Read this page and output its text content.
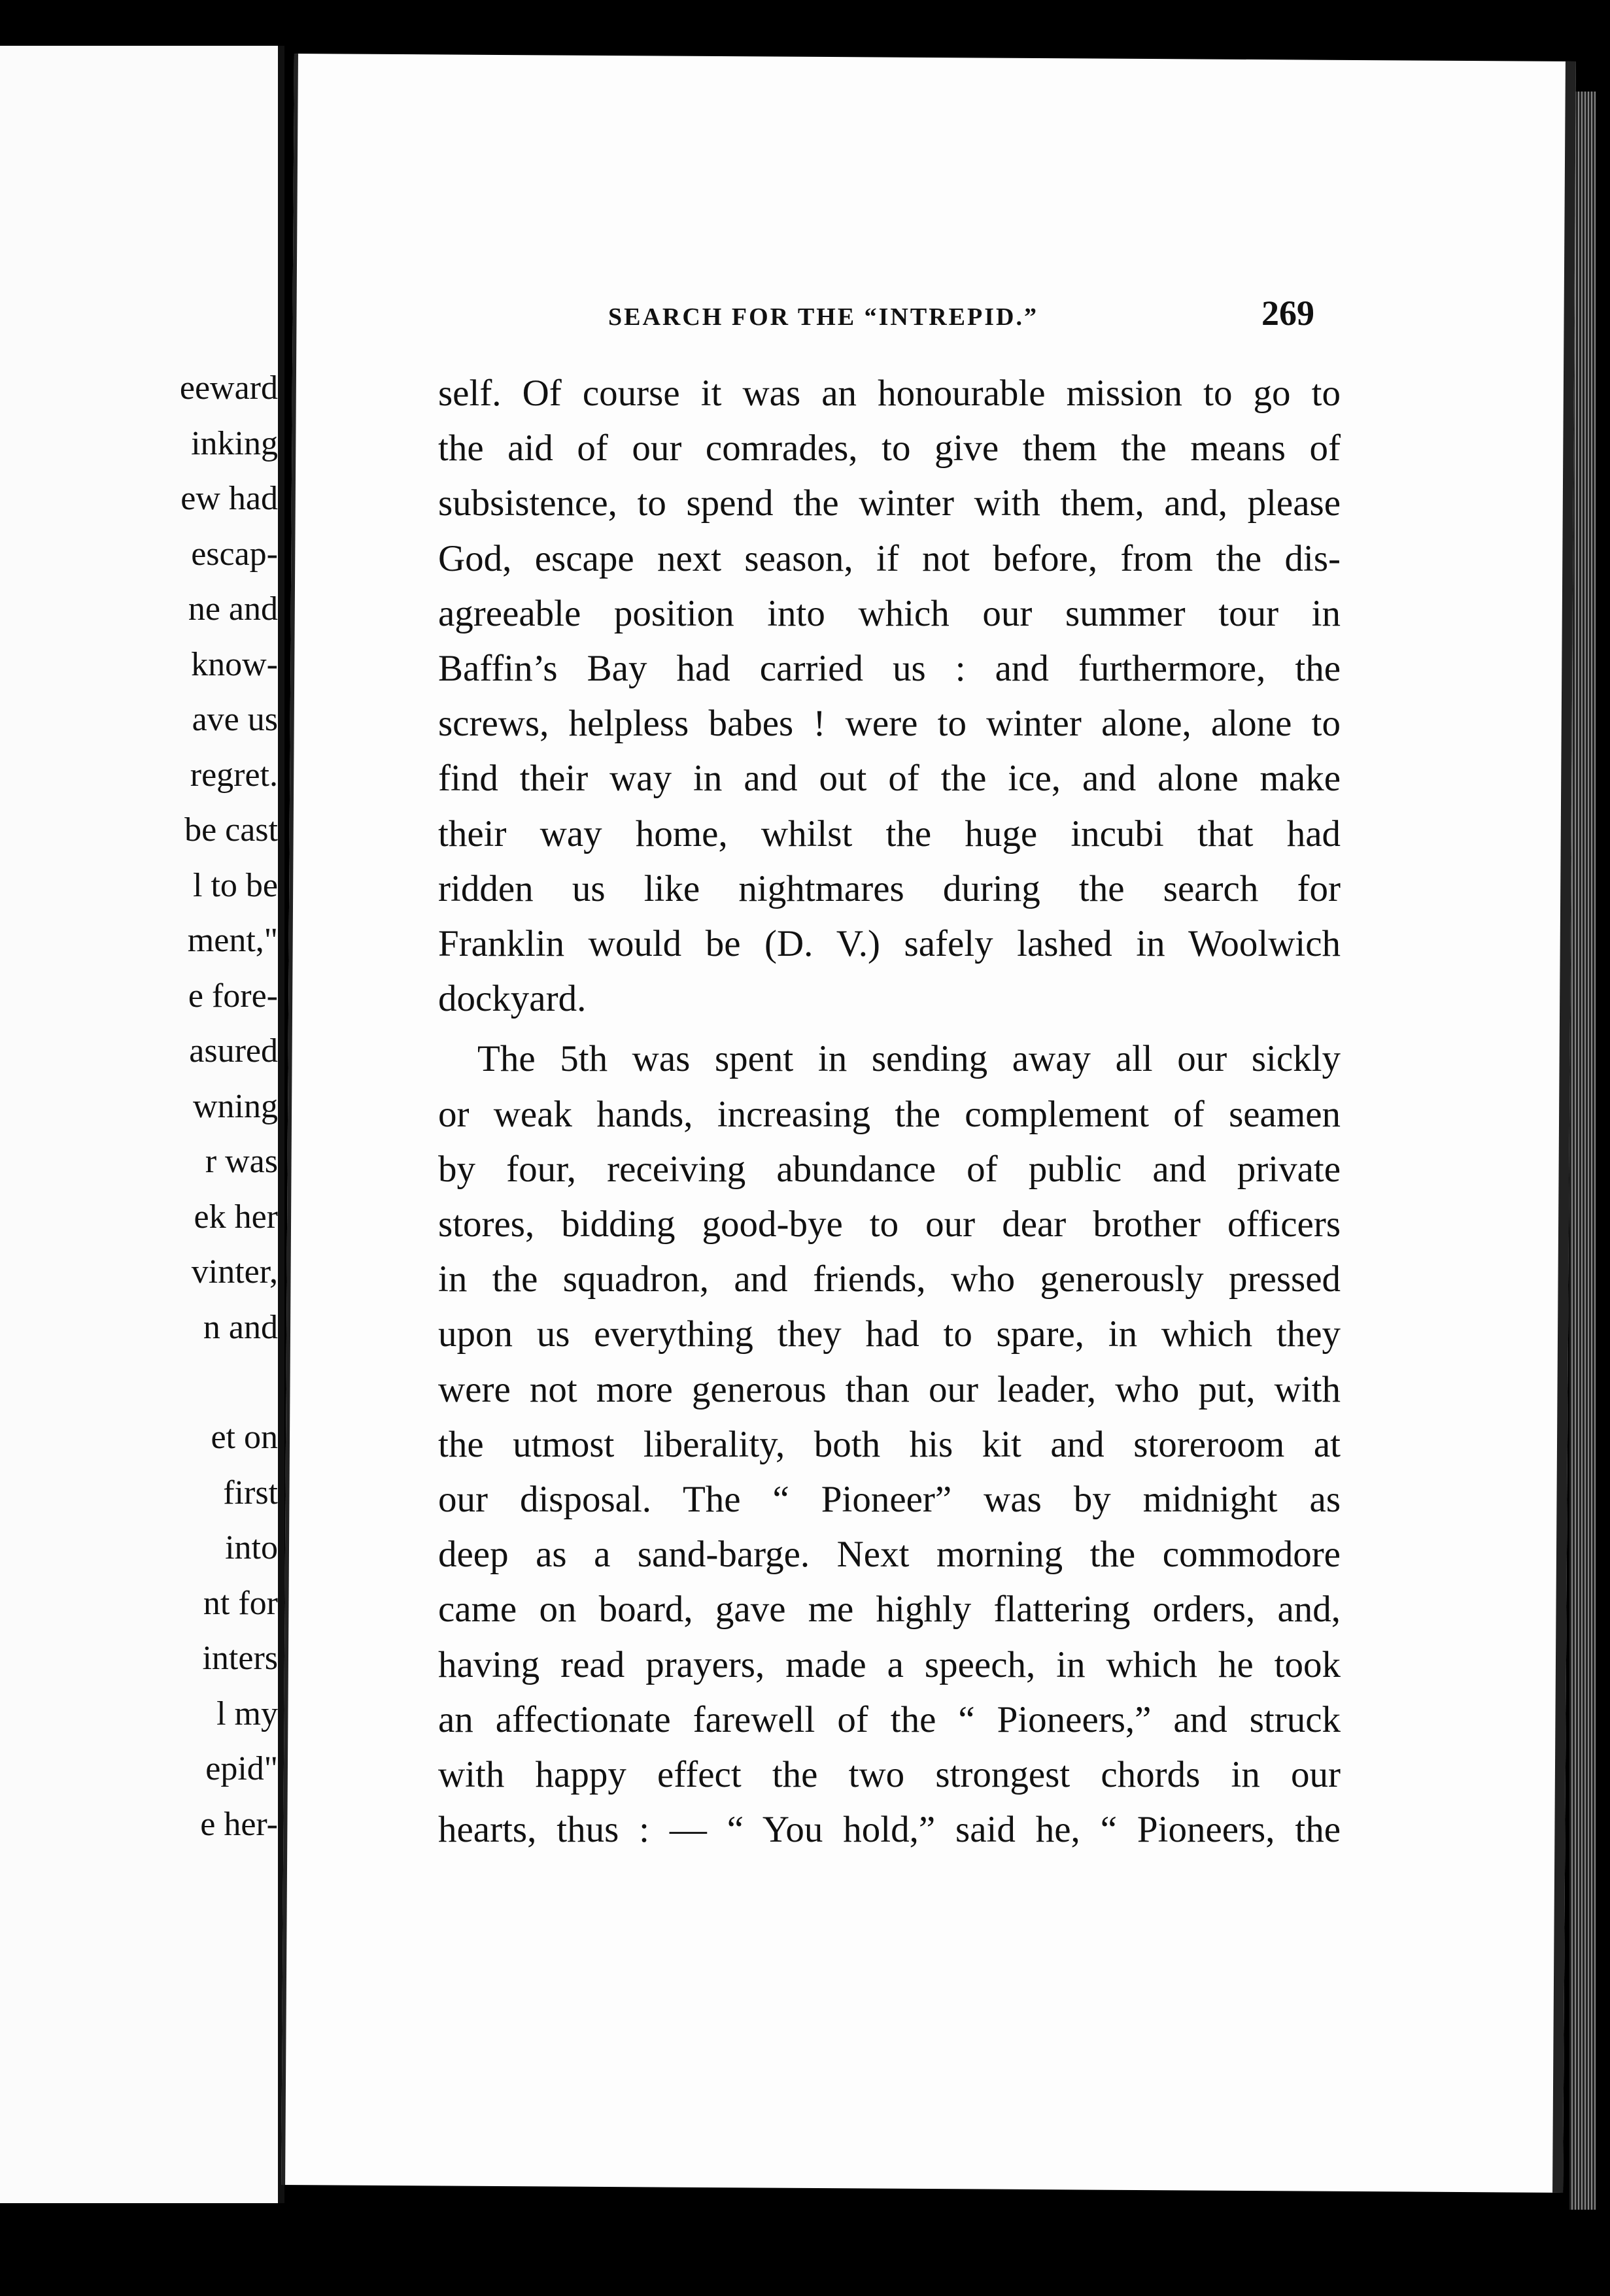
eeward
inking
ew had
escap-
ne and
know-
ave us
regret.
be cast
l to be
ment,"
e fore-
asured
wning
r was
ek her
vinter,
n and
et on
first
into
nt for
inters
l my
epid"
e her-
SEARCH FOR THE “INTREPID.”	269
self. Of course it was an honourable mission to go to
the aid of our comrades, to give them the means of
subsistence, to spend the winter with them, and, please
God, escape next season, if not before, from the dis-
agreeable position into which our summer tour in
Baffin’s Bay had carried us : and furthermore, the
screws, helpless babes ! were to winter alone, alone to
find their way in and out of the ice, and alone make
their way home, whilst the huge incubi that had
ridden us like nightmares during the search for
Franklin would be (D. V.) safely lashed in Woolwich
dockyard.
The 5th was spent in sending away all our sickly
or weak hands, increasing the complement of seamen
by four, receiving abundance of public and private
stores, bidding good-bye to our dear brother officers
in the squadron, and friends, who generously pressed
upon us everything they had to spare, in which they
were not more generous than our leader, who put, with
the utmost liberality, both his kit and storeroom at
our disposal. The “ Pioneer” was by midnight as
deep as a sand-barge. Next morning the commodore
came on board, gave me highly flattering orders, and,
having read prayers, made a speech, in which he took
an affectionate farewell of the “ Pioneers,” and struck
with happy effect the two strongest chords in our
hearts, thus : — “ You hold,” said he, “ Pioneers, the
